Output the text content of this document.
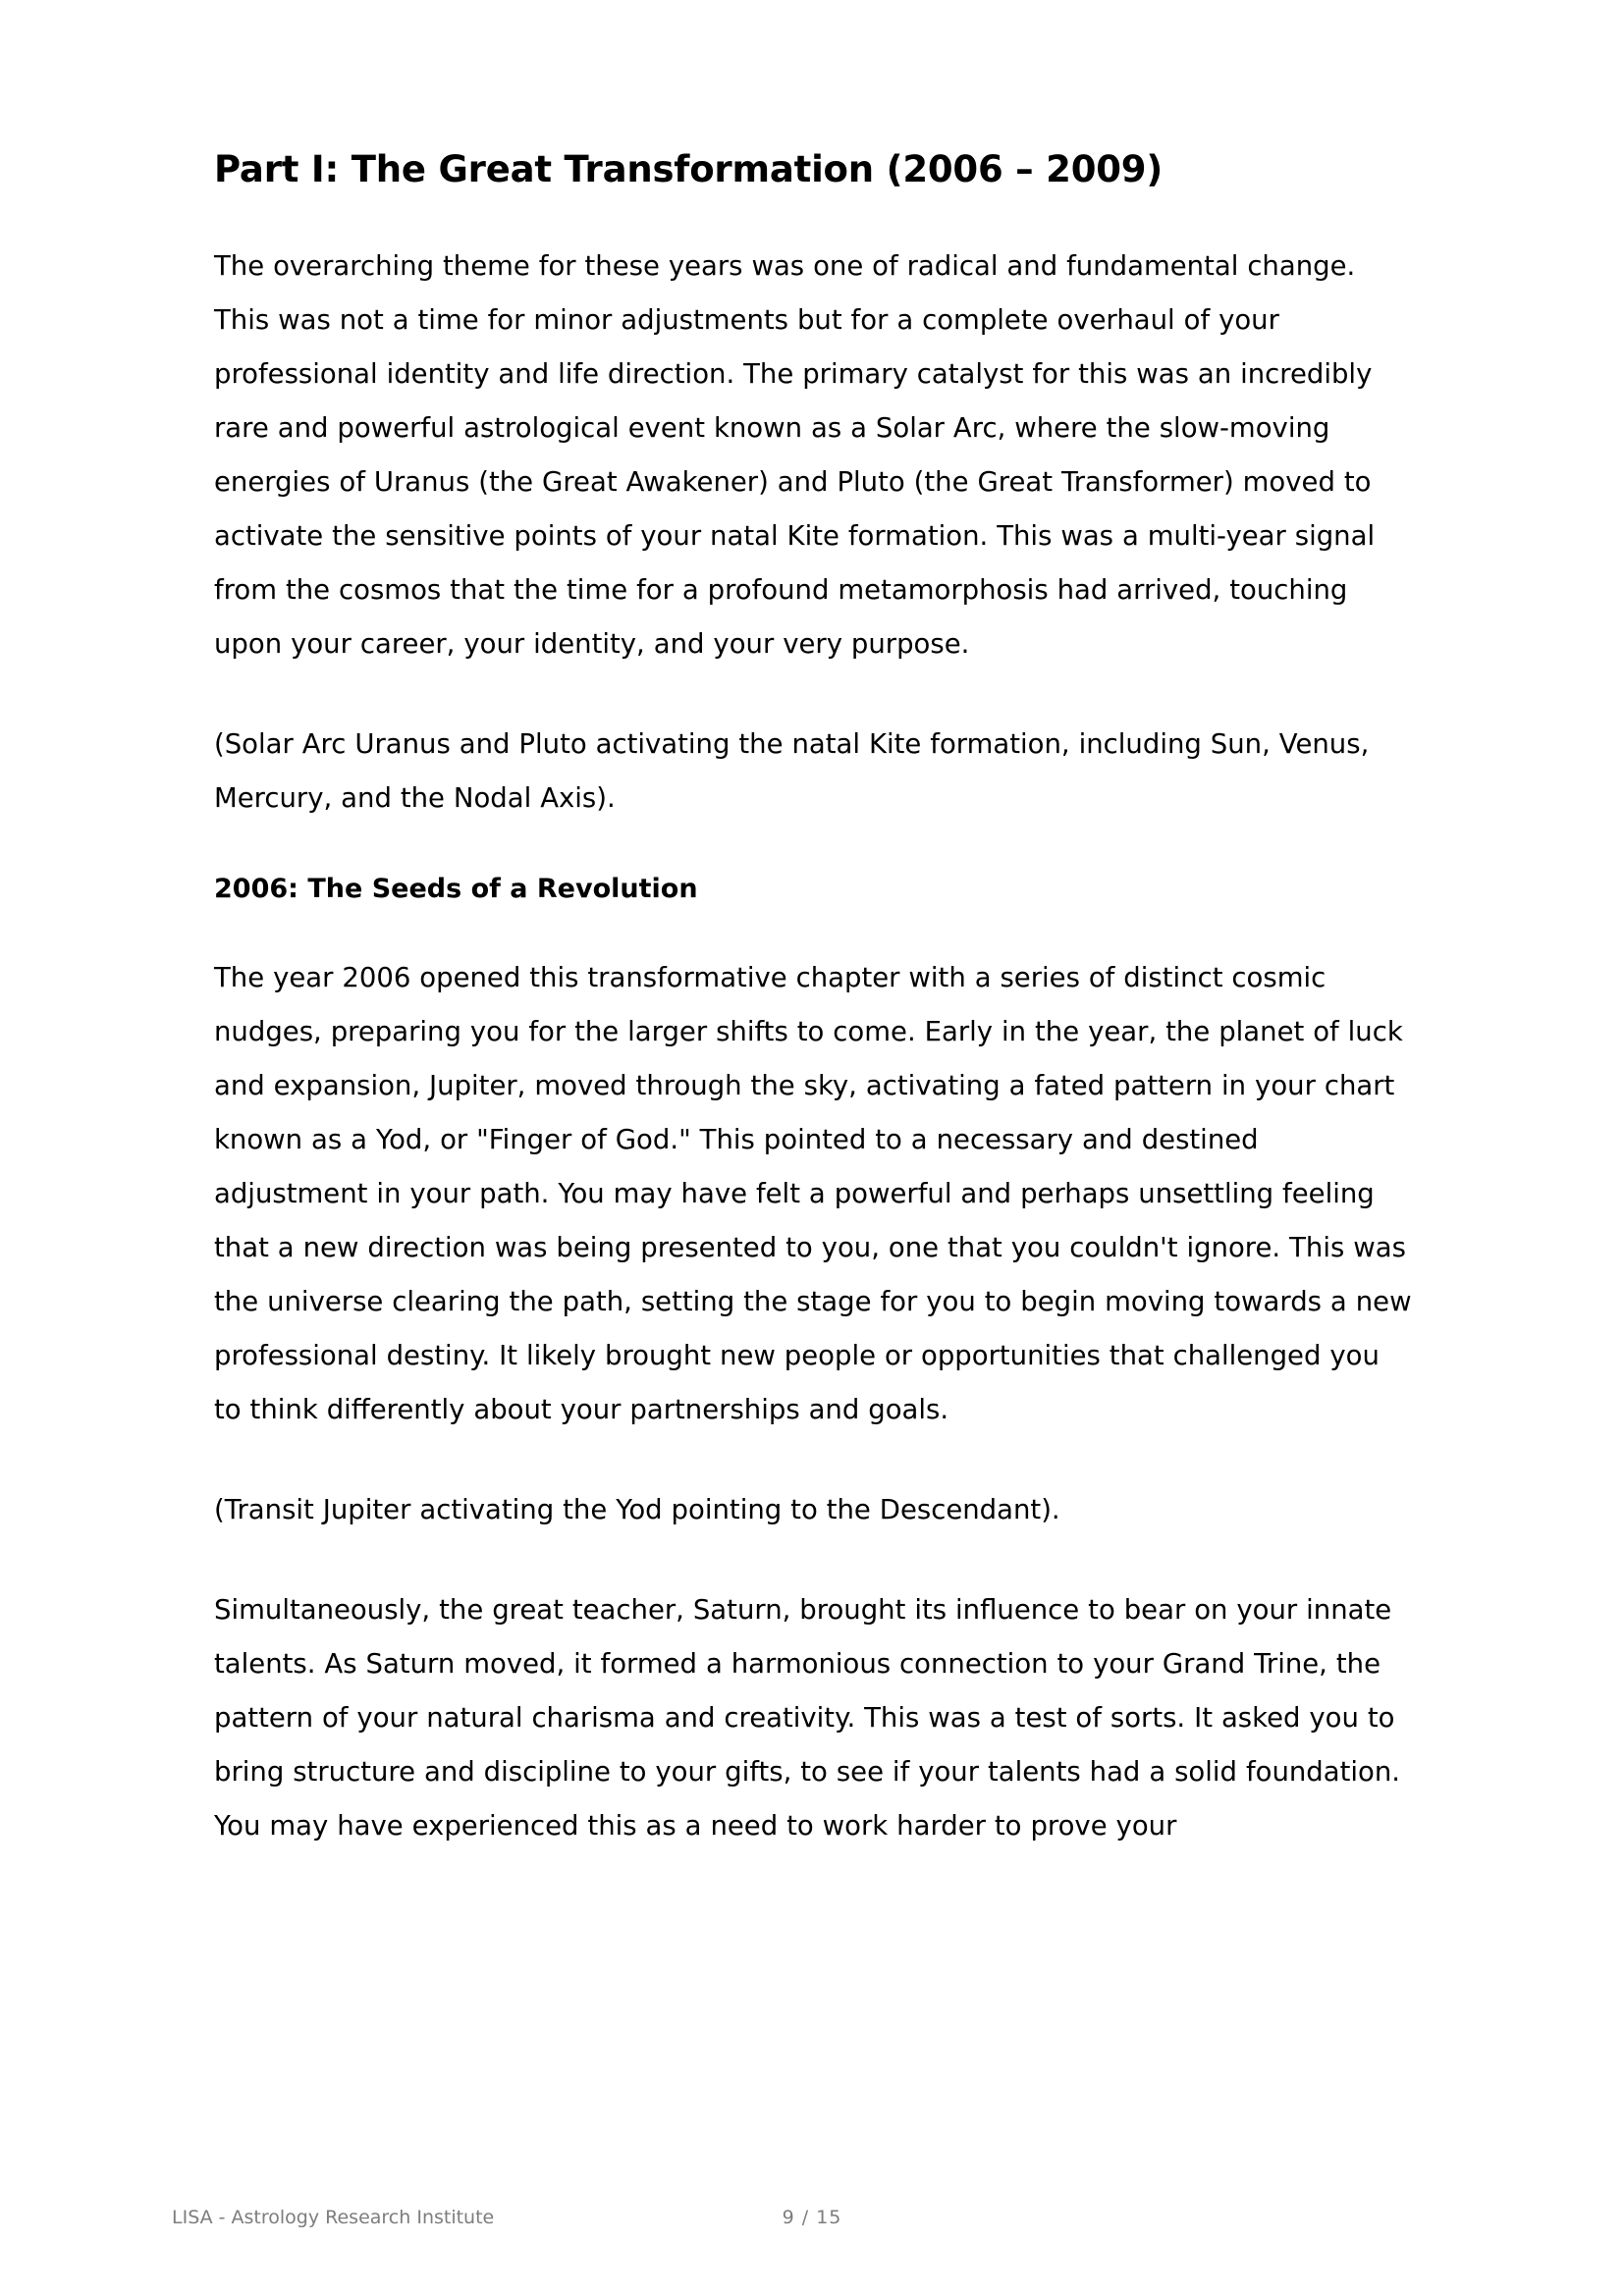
Part I: The Great Transformation (2006 – 2009)

The overarching theme for these years was one of radical and fundamental change. This was not a time for minor adjustments but for a complete overhaul of your professional identity and life direction. The primary catalyst for this was an incredibly rare and powerful astrological event known as a Solar Arc, where the slow-moving energies of Uranus (the Great Awakener) and Pluto (the Great Transformer) moved to activate the sensitive points of your natal Kite formation. This was a multi-year signal from the cosmos that the time for a profound metamorphosis had arrived, touching upon your career, your identity, and your very purpose.

(Solar Arc Uranus and Pluto activating the natal Kite formation, including Sun, Venus, Mercury, and the Nodal Axis).

2006: The Seeds of a Revolution

The year 2006 opened this transformative chapter with a series of distinct cosmic nudges, preparing you for the larger shifts to come. Early in the year, the planet of luck and expansion, Jupiter, moved through the sky, activating a fated pattern in your chart known as a Yod, or "Finger of God." This pointed to a necessary and destined adjustment in your path. You may have felt a powerful and perhaps unsettling feeling that a new direction was being presented to you, one that you couldn't ignore. This was the universe clearing the path, setting the stage for you to begin moving towards a new professional destiny. It likely brought new people or opportunities that challenged you to think differently about your partnerships and goals.

(Transit Jupiter activating the Yod pointing to the Descendant).

Simultaneously, the great teacher, Saturn, brought its influence to bear on your innate talents. As Saturn moved, it formed a harmonious connection to your Grand Trine, the pattern of your natural charisma and creativity. This was a test of sorts. It asked you to bring structure and discipline to your gifts, to see if your talents had a solid foundation. You may have experienced this as a need to work harder to prove your

LISA - Astrology Research Institute	9 / 15
